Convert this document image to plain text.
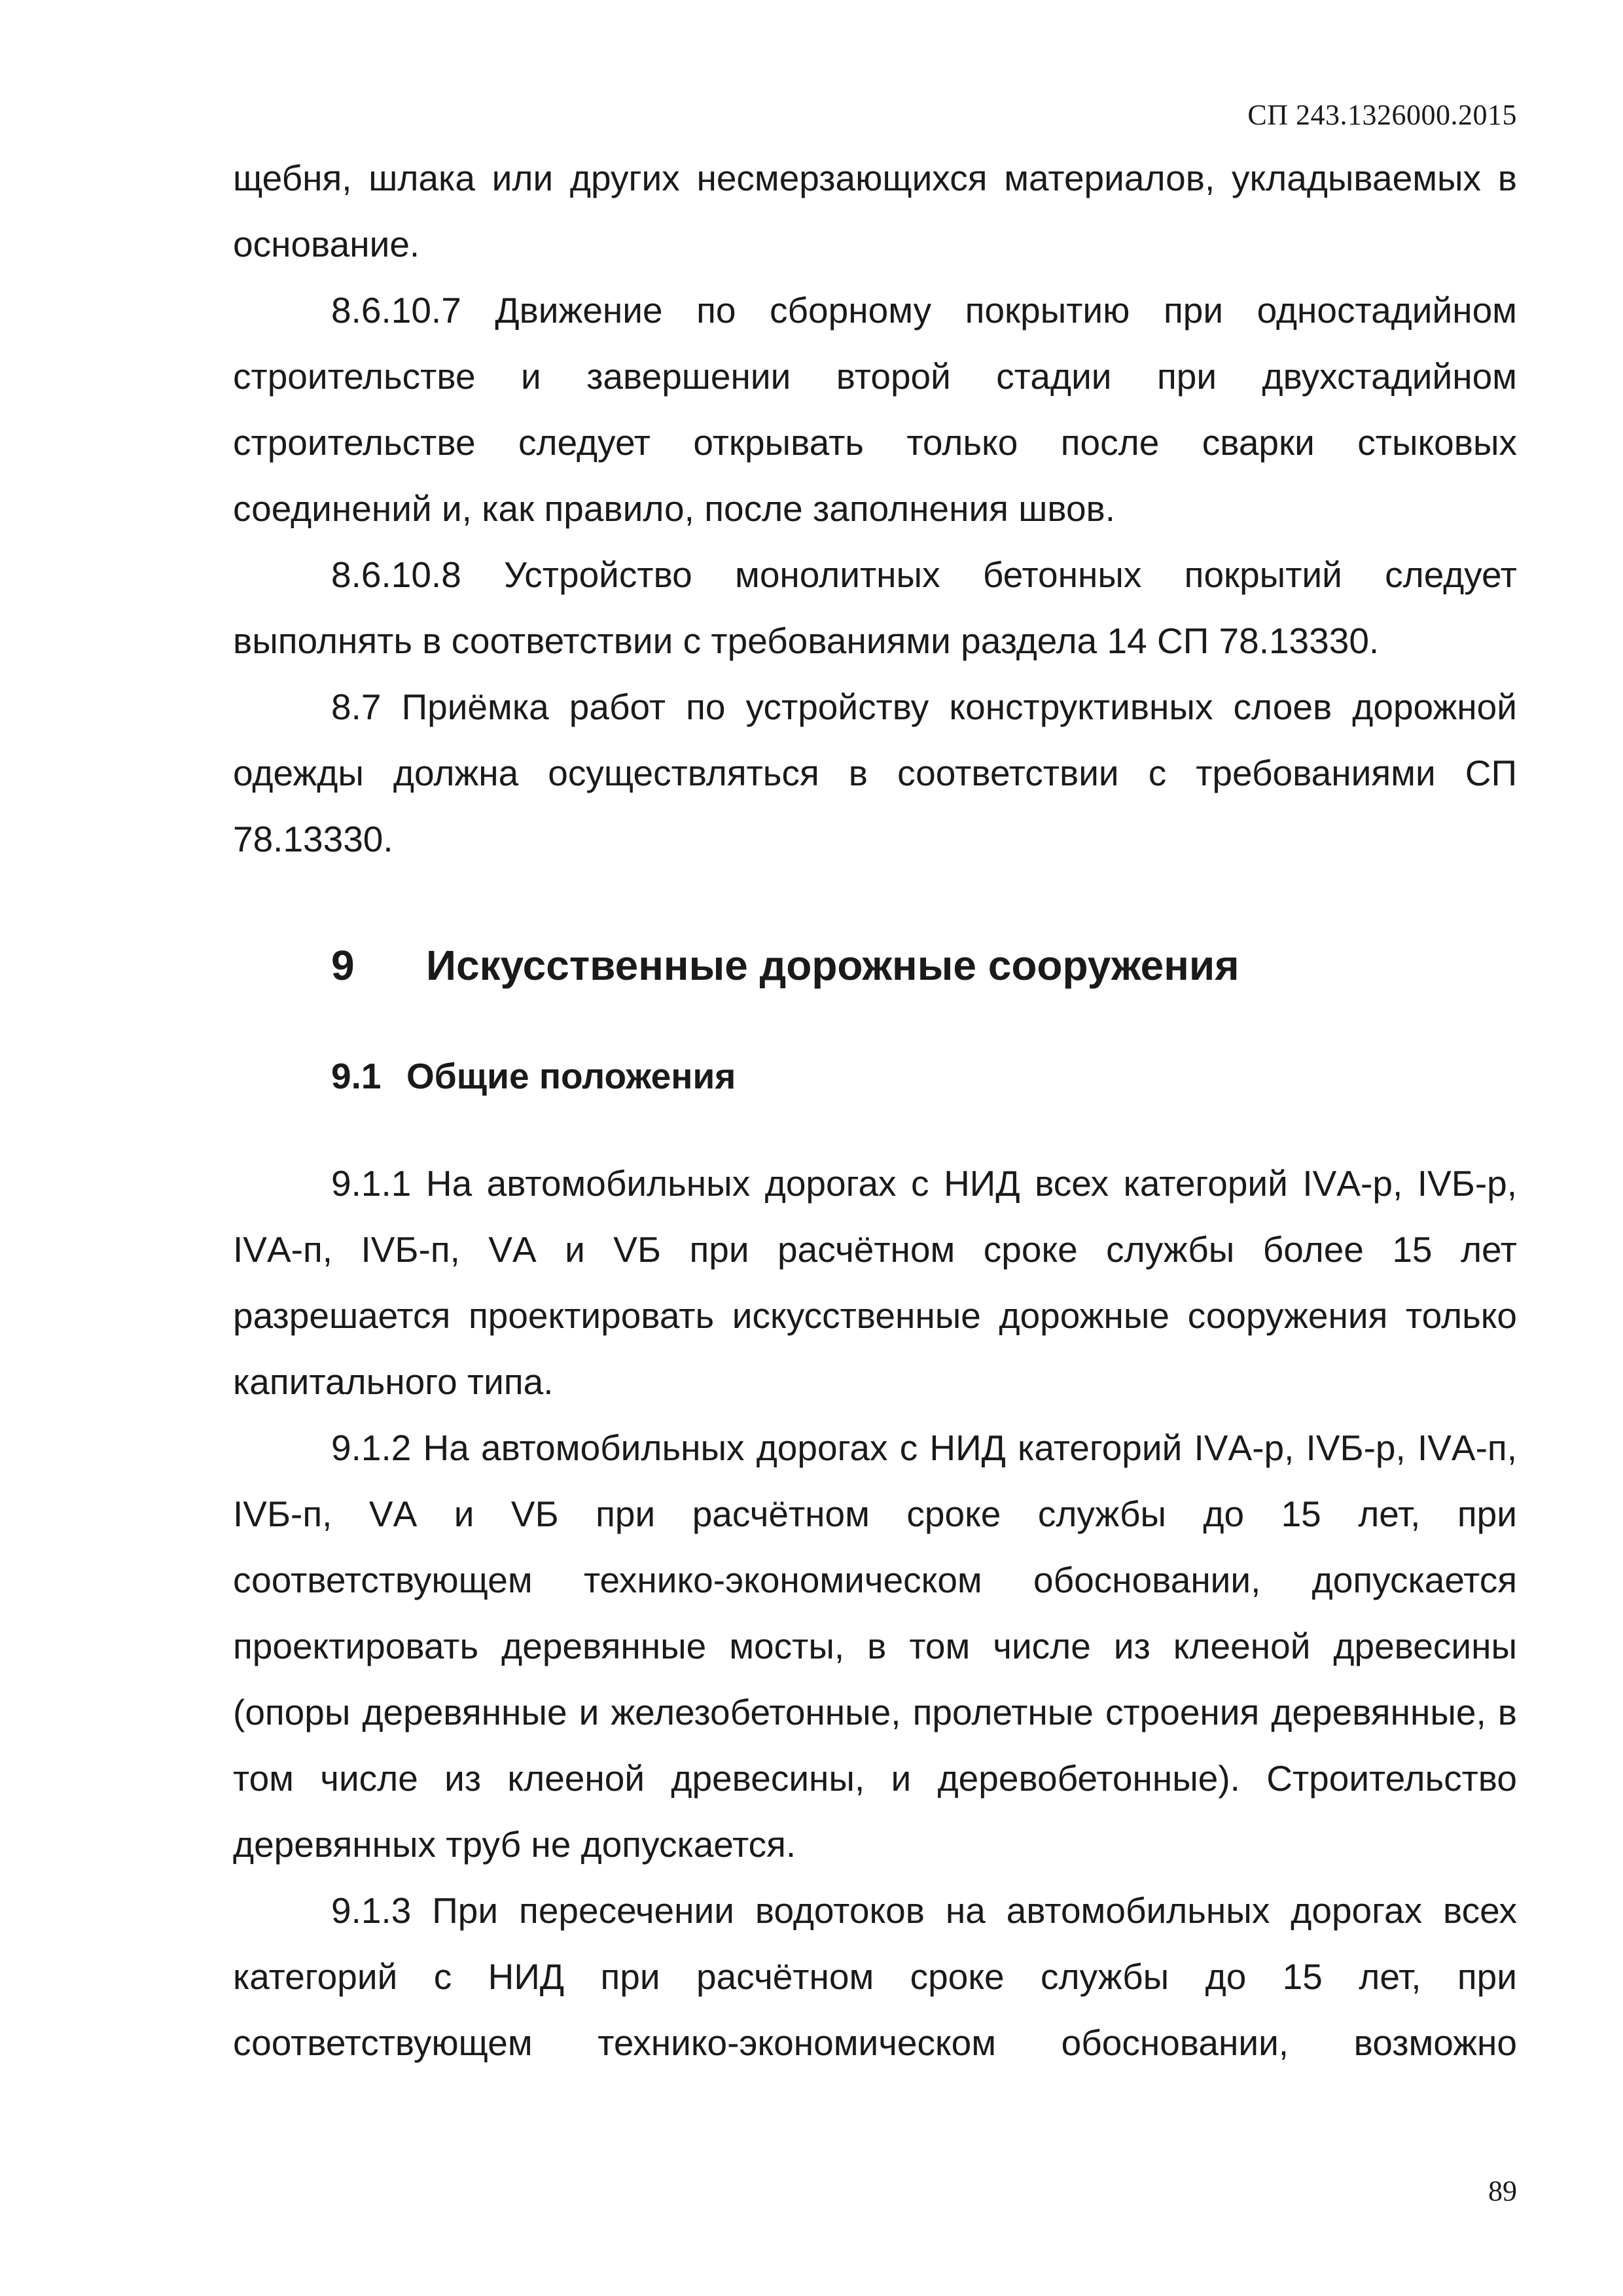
СП 243.1326000.2015

щебня, шлака или других несмерзающихся материалов, укладываемых в основание.

8.6.10.7 Движение по сборному покрытию при одностадийном строительстве и завершении второй стадии при двухстадийном строительстве следует открывать только после сварки стыковых соединений и, как правило, после заполнения швов.

8.6.10.8 Устройство монолитных бетонных покрытий следует выполнять в соответствии с требованиями раздела 14 СП 78.13330.

8.7 Приёмка работ по устройству конструктивных слоев дорожной одежды должна осуществляться в соответствии с требованиями СП 78.13330.

9 Искусственные дорожные сооружения
9.1 Общие положения

9.1.1 На автомобильных дорогах с НИД всех категорий IVА-р, IVБ-р, IVА-п, IVБ-п, VА и VБ при расчётном сроке службы более 15 лет разрешается проектировать искусственные дорожные сооружения только капитального типа.

9.1.2 На автомобильных дорогах с НИД категорий IVА-р, IVБ-р, IVА-п, IVБ-п, VА и VБ при расчётном сроке службы до 15 лет, при соответствующем технико-экономическом обосновании, допускается проектировать деревянные мосты, в том числе из клееной древесины (опоры деревянные и железобетонные, пролетные строения деревянные, в том числе из клееной древесины, и деревобетонные). Строительство деревянных труб не допускается.

9.1.3 При пересечении водотоков на автомобильных дорогах всех категорий с НИД при расчётном сроке службы до 15 лет, при соответствующем технико-экономическом обосновании, возможно

89
